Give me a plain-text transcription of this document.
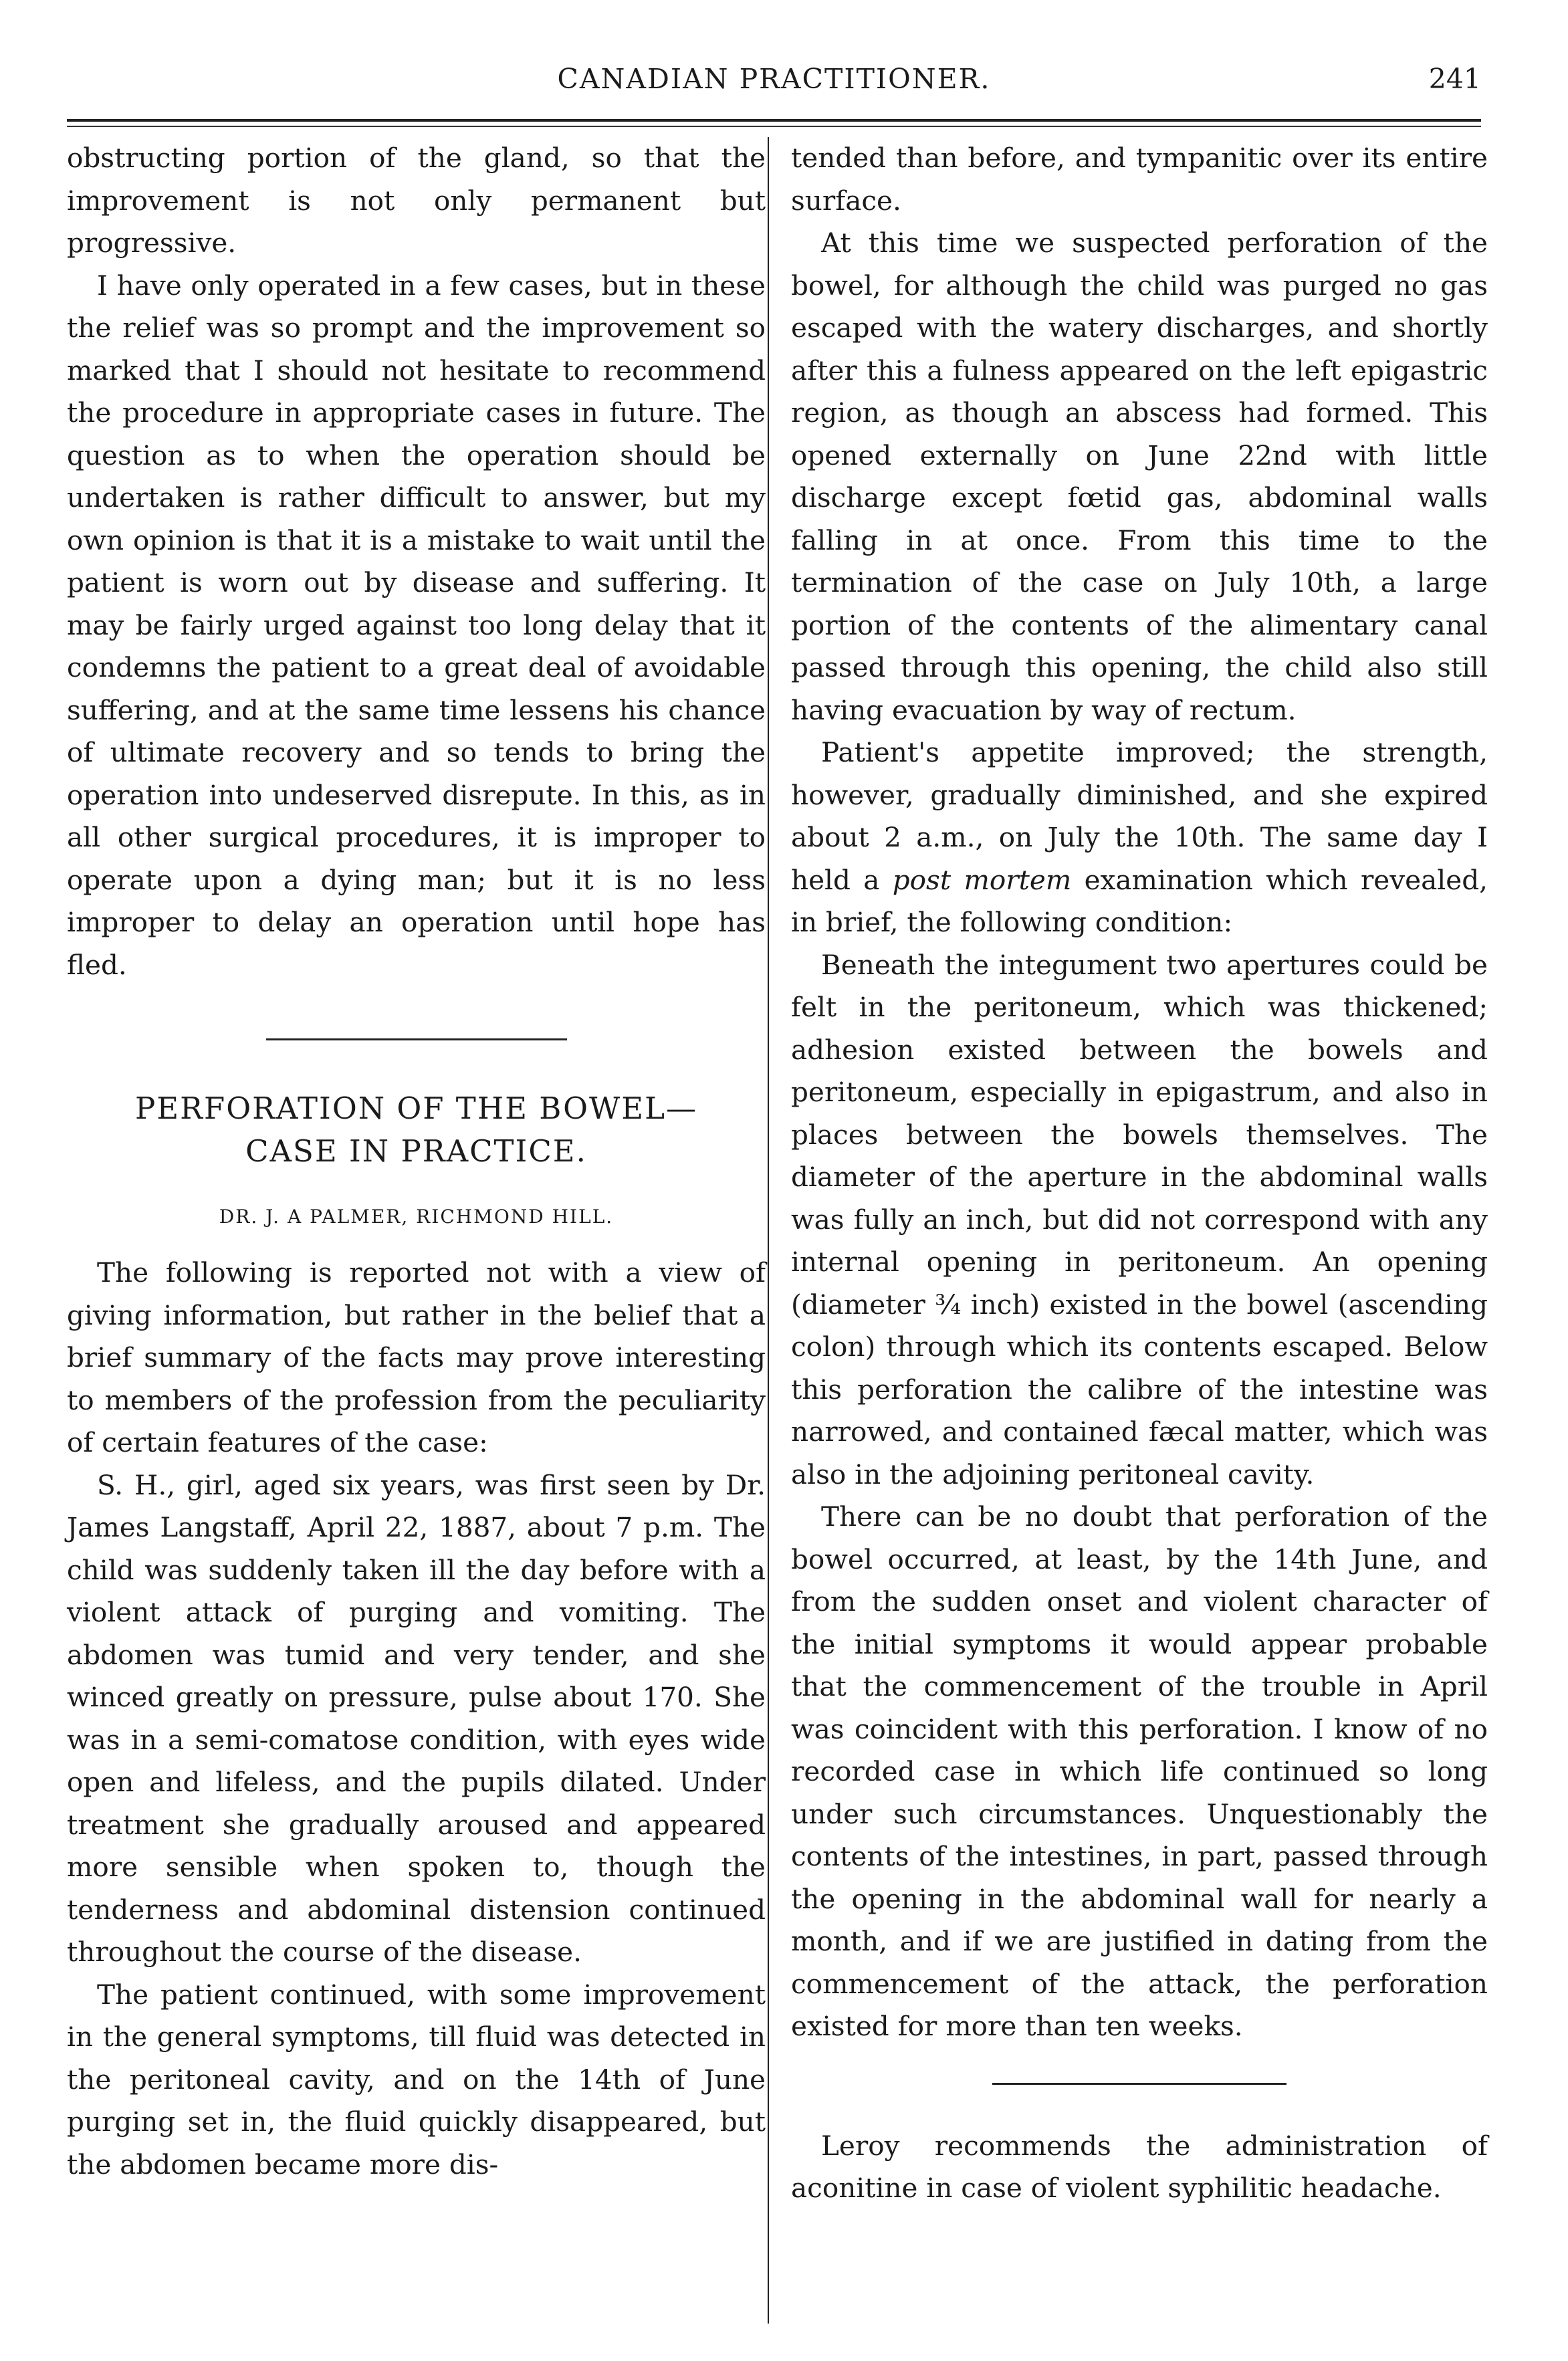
CANADIAN PRACTITIONER.	241

obstructing portion of the gland, so that the improvement is not only permanent but progressive.

I have only operated in a few cases, but in these the relief was so prompt and the improvement so marked that I should not hesitate to recommend the procedure in appropriate cases in future. The question as to when the operation should be undertaken is rather difficult to answer, but my own opinion is that it is a mistake to wait until the patient is worn out by disease and suffering. It may be fairly urged against too long delay that it condemns the patient to a great deal of avoidable suffering, and at the same time lessens his chance of ultimate recovery and so tends to bring the operation into undeserved disrepute. In this, as in all other surgical procedures, it is improper to operate upon a dying man; but it is no less improper to delay an operation until hope has fled.

PERFORATION OF THE BOWEL—
CASE IN PRACTICE.
DR. J. A PALMER, RICHMOND HILL.

The following is reported not with a view of giving information, but rather in the belief that a brief summary of the facts may prove interesting to members of the profession from the peculiarity of certain features of the case:

S. H., girl, aged six years, was first seen by Dr. James Langstaff, April 22, 1887, about 7 p.m. The child was suddenly taken ill the day before with a violent attack of purging and vomiting. The abdomen was tumid and very tender, and she winced greatly on pressure, pulse about 170. She was in a semi-comatose condition, with eyes wide open and lifeless, and the pupils dilated. Under treatment she gradually aroused and appeared more sensible when spoken to, though the tenderness and abdominal distension continued throughout the course of the disease.

The patient continued, with some improvement in the general symptoms, till fluid was detected in the peritoneal cavity, and on the 14th of June purging set in, the fluid quickly disappeared, but the abdomen became more dis-

tended than before, and tympanitic over its entire surface.

At this time we suspected perforation of the bowel, for although the child was purged no gas escaped with the watery discharges, and shortly after this a fulness appeared on the left epigastric region, as though an abscess had formed. This opened externally on June 22nd with little discharge except fœtid gas, abdominal walls falling in at once. From this time to the termination of the case on July 10th, a large portion of the contents of the alimentary canal passed through this opening, the child also still having evacuation by way of rectum.

Patient's appetite improved; the strength, however, gradually diminished, and she expired about 2 a.m., on July the 10th. The same day I held a post mortem examination which revealed, in brief, the following condition:

Beneath the integument two apertures could be felt in the peritoneum, which was thickened; adhesion existed between the bowels and peritoneum, especially in epigastrum, and also in places between the bowels themselves. The diameter of the aperture in the abdominal walls was fully an inch, but did not correspond with any internal opening in peritoneum. An opening (diameter ¾ inch) existed in the bowel (ascending colon) through which its contents escaped. Below this perforation the calibre of the intestine was narrowed, and contained fæcal matter, which was also in the adjoining peritoneal cavity.

There can be no doubt that perforation of the bowel occurred, at least, by the 14th June, and from the sudden onset and violent character of the initial symptoms it would appear probable that the commencement of the trouble in April was coincident with this perforation. I know of no recorded case in which life continued so long under such circumstances. Unquestionably the contents of the intestines, in part, passed through the opening in the abdominal wall for nearly a month, and if we are justified in dating from the commencement of the attack, the perforation existed for more than ten weeks.

Leroy recommends the administration of aconitine in case of violent syphilitic headache.
